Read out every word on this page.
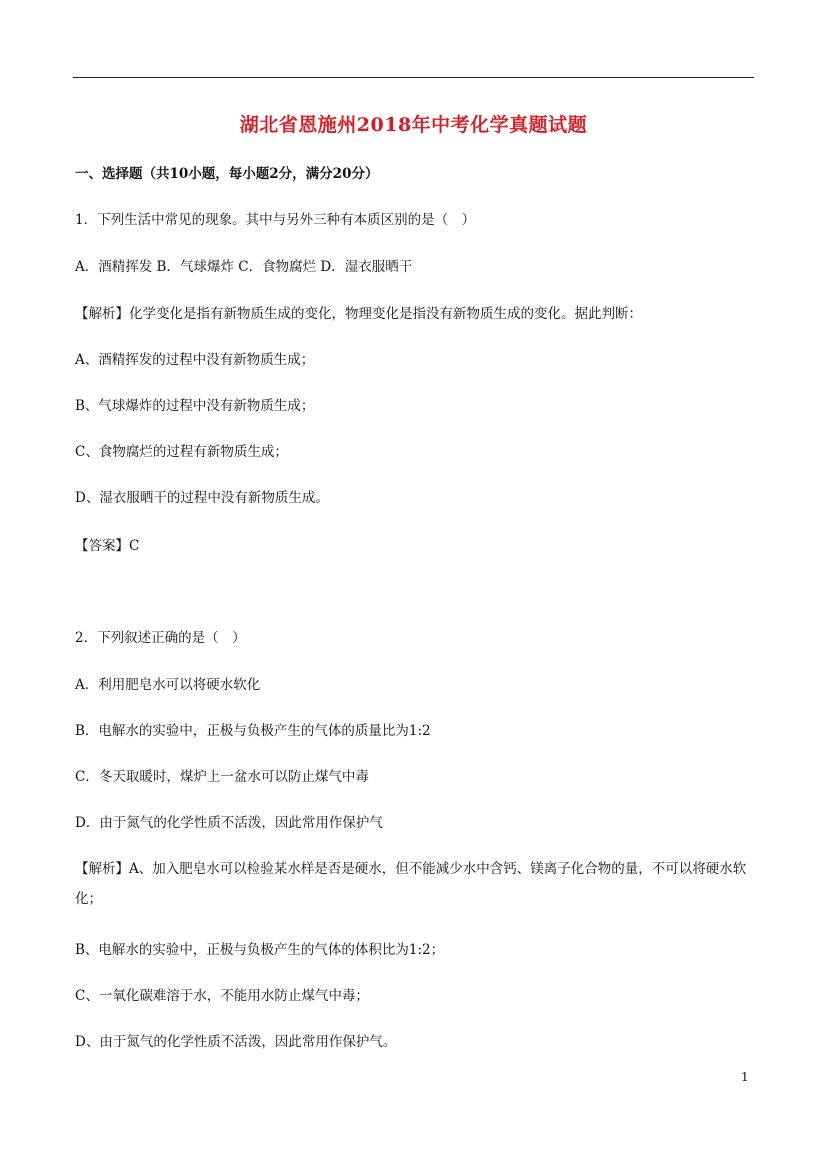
湖北省恩施州2018年中考化学真题试题
一、选择题（共10小题，每小题2分，满分20分）
1．下列生活中常见的现象。其中与另外三种有本质区别的是（　）
A．酒精挥发 B．气球爆炸 C．食物腐烂 D．湿衣服晒干
【解析】化学变化是指有新物质生成的变化，物理变化是指没有新物质生成的变化。据此判断：
A、酒精挥发的过程中没有新物质生成；
B、气球爆炸的过程中没有新物质生成；
C、食物腐烂的过程有新物质生成；
D、湿衣服晒干的过程中没有新物质生成。
【答案】C
2．下列叙述正确的是（　）
A．利用肥皂水可以将硬水软化
B．电解水的实验中，正极与负极产生的气体的质量比为1:2
C．冬天取暖时，煤炉上一盆水可以防止煤气中毒
D．由于氮气的化学性质不活泼，因此常用作保护气
【解析】A、加入肥皂水可以检验某水样是否是硬水，但不能减少水中含钙、镁离子化合物的量，不可以将硬水软化；
B、电解水的实验中，正极与负极产生的气体的体积比为1:2；
C、一氧化碳难溶于水，不能用水防止煤气中毒；
D、由于氮气的化学性质不活泼，因此常用作保护气。
1
